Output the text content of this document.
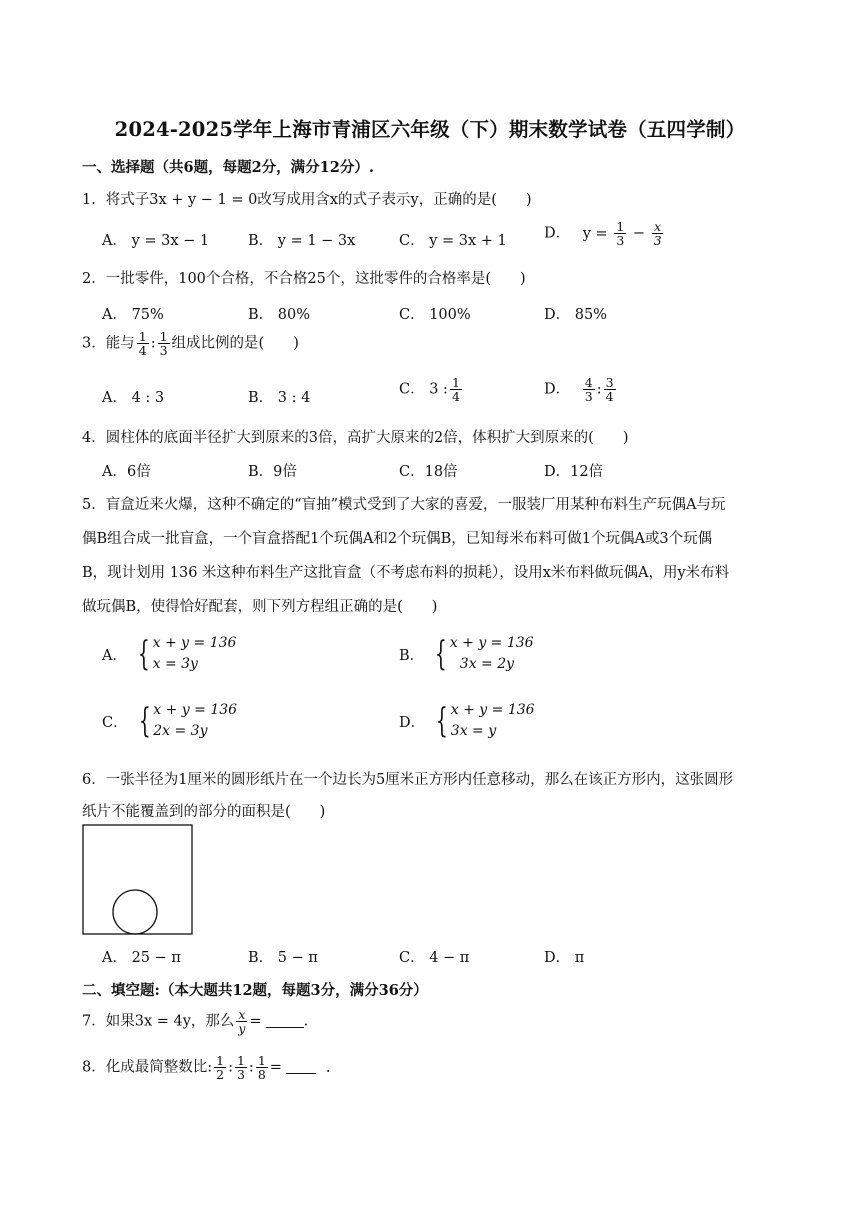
2024-2025学年上海市青浦区六年级（下）期末数学试卷（五四学制）
一、选择题（共6题，每题2分，满分12分）.
1．将式子3x + y − 1 = 0改写成用含x的式子表示y，正确的是(　　)
A． y = 3x − 1	B． y = 1 − 3x	C． y = 3x + 1	D． $y = \frac{1}{3} - \frac{x}{3}$
2．一批零件，100个合格，不合格25个，这批零件的合格率是(　　)
A． 75%	B． 80%	C． 100%	D． 85%
3．能与 $\frac{1}{4}$ : $\frac{1}{3}$ 组成比例的是(　　)
A． 4 : 3	B． 3 : 4
C． 3 : $\frac{1}{4}$	D． $\frac{4}{3}$ : $\frac{3}{4}$
4．圆柱体的底面半径扩大到原来的3倍，高扩大原来的2倍，体积扩大到原来的(　　)
A．6倍	B．9倍	C．18倍	D．12倍
5．盲盒近来火爆，这种不确定的“盲抽”模式受到了大家的喜爱，一服装厂用某种布料生产玩偶A与玩
偶B组合成一批盲盒，一个盲盒搭配1个玩偶A和2个玩偶B，已知每米布料可做1个玩偶A或3个玩偶
B，现计划用 136 米这种布料生产这批盲盒（不考虑布料的损耗），设用x米布料做玩偶A，用y米布料
做玩偶B，使得恰好配套，则下列方程组正确的是(　　)
A． { x + y = 136
x = 3y
B． { x + y = 136
3x = 2y
C． { x + y = 136
2x = 3y
D． { x + y = 136
3x = y
6．一张半径为1厘米的圆形纸片在一个边长为5厘米正方形内任意移动，那么在该正方形内，这张圆形
纸片不能覆盖到的部分的面积是(　　)
A． 25 − π	B． 5 − π	C． 4 − π	D． π
二、填空题:（本大题共12题，每题3分，满分36分）
7．如果3x = 4y，那么 $\frac{x}{y}$ =	.
8．化成最简整数比: $\frac{1}{2}$ : $\frac{1}{3}$ : $\frac{1}{8}$ =	.
